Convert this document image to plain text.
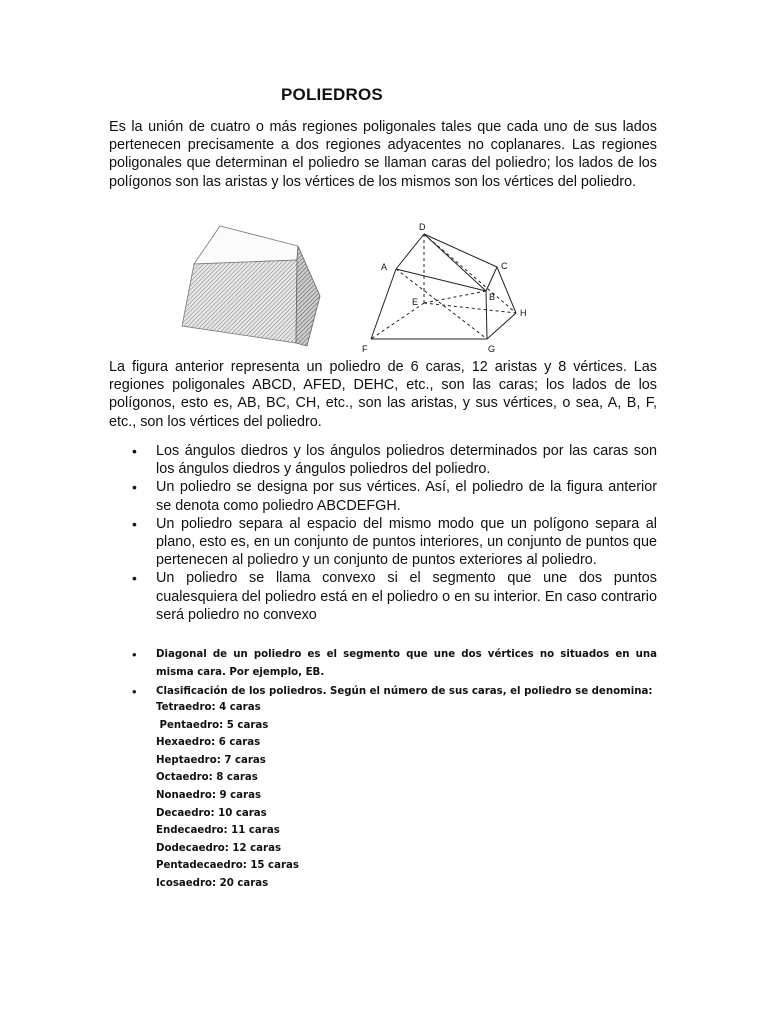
POLIEDROS

Es la unión de cuatro o más regiones poligonales tales que cada uno de sus lados pertenecen precisamente a dos regiones adyacentes no coplanares. Las regiones poligonales que determinan el poliedro se llaman caras del poliedro; los lados de los polígonos son las aristas y los vértices de los mismos son los vértices del poliedro.

D
A	C
E	B
H
F	G

La figura anterior representa un poliedro de 6 caras, 12 aristas y 8 vértices. Las regiones poligonales ABCD, AFED, DEHC, etc., son las caras; los lados de los polígonos, esto es, AB, BC, CH, etc., son las aristas, y sus vértices, o sea, A, B, F, etc., son los vértices del poliedro.

• Los ángulos diedros y los ángulos poliedros determinados por las caras son los ángulos diedros y ángulos poliedros del poliedro.
• Un poliedro se designa por sus vértices. Así, el poliedro de la figura anterior se denota como poliedro ABCDEFGH.
• Un poliedro separa al espacio del mismo modo que un polígono separa al plano, esto es, en un conjunto de puntos interiores, un conjunto de puntos que pertenecen al poliedro y un conjunto de puntos exteriores al poliedro.
• Un poliedro se llama convexo si el segmento que une dos puntos cualesquiera del poliedro está en el poliedro o en su interior. En caso contrario será poliedro no convexo
•	Diagonal de un poliedro es el segmento que une dos vértices no situados en una misma cara. Por ejemplo, EB.
•	Clasificación de los poliedros. Según el número de sus caras, el poliedro se denomina:
Tetraedro: 4 caras
Pentaedro: 5 caras
Hexaedro: 6 caras
Heptaedro: 7 caras
Octaedro: 8 caras
Nonaedro: 9 caras
Decaedro: 10 caras
Endecaedro: 11 caras
Dodecaedro: 12 caras
Pentadecaedro: 15 caras
Icosaedro: 20 caras
